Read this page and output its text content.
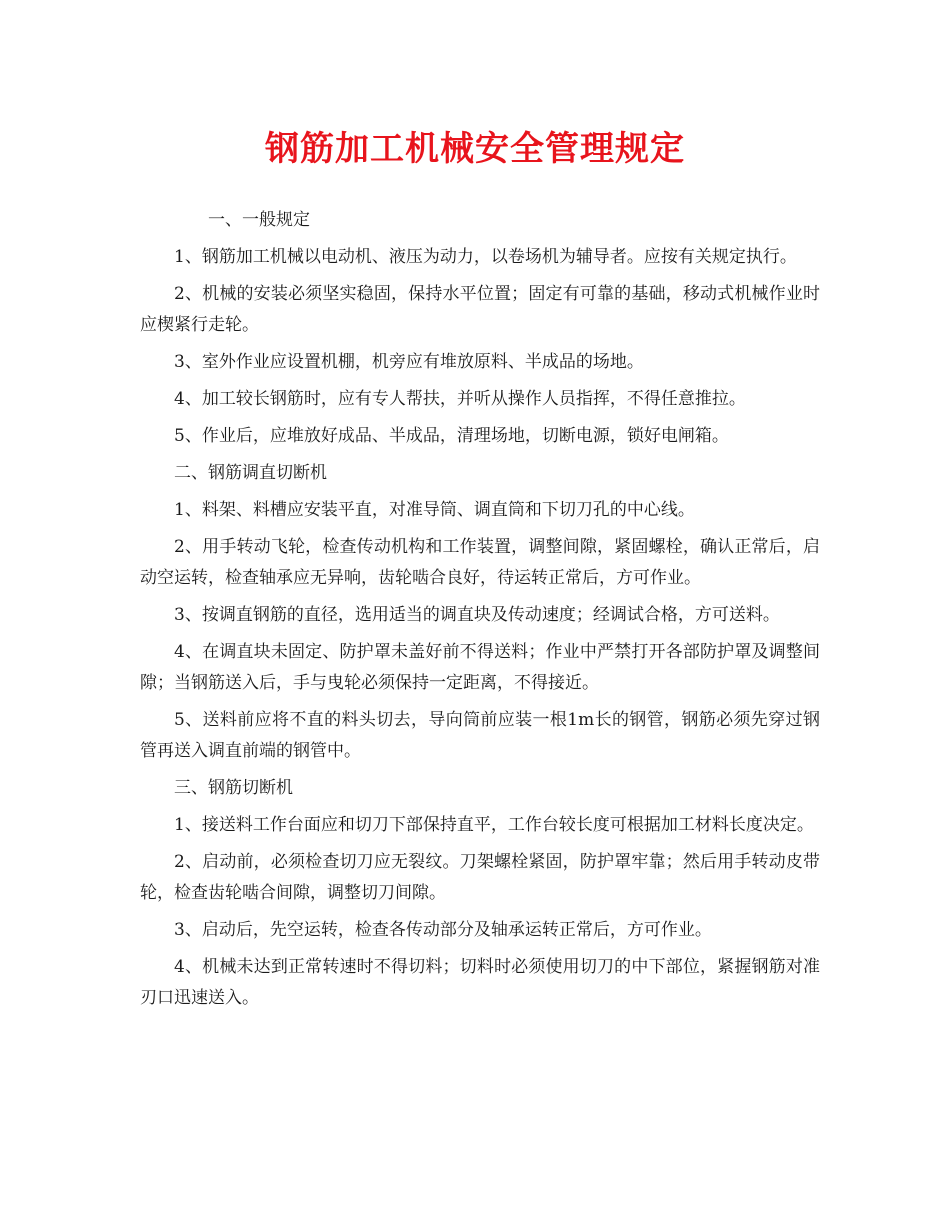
钢筋加工机械安全管理规定

一、一般规定

1、钢筋加工机械以电动机、液压为动力，以卷场机为辅导者。应按有关规定执行。

2、机械的安装必须坚实稳固，保持水平位置；固定有可靠的基础，移动式机械作业时应楔紧行走轮。

3、室外作业应设置机棚，机旁应有堆放原料、半成品的场地。

4、加工较长钢筋时，应有专人帮扶，并听从操作人员指挥，不得任意推拉。

5、作业后，应堆放好成品、半成品，清理场地，切断电源，锁好电闸箱。

二、钢筋调直切断机

1、料架、料槽应安装平直，对准导筒、调直筒和下切刀孔的中心线。

2、用手转动飞轮，检查传动机构和工作装置，调整间隙，紧固螺栓，确认正常后，启动空运转，检查轴承应无异响，齿轮啮合良好，待运转正常后，方可作业。

3、按调直钢筋的直径，选用适当的调直块及传动速度；经调试合格，方可送料。

4、在调直块未固定、防护罩未盖好前不得送料；作业中严禁打开各部防护罩及调整间隙；当钢筋送入后，手与曳轮必须保持一定距离，不得接近。

5、送料前应将不直的料头切去，导向筒前应装一根1m长的钢管，钢筋必须先穿过钢管再送入调直前端的钢管中。

三、钢筋切断机

1、接送料工作台面应和切刀下部保持直平，工作台较长度可根据加工材料长度决定。

2、启动前，必须检查切刀应无裂纹。刀架螺栓紧固，防护罩牢靠；然后用手转动皮带轮，检查齿轮啮合间隙，调整切刀间隙。

3、启动后，先空运转，检查各传动部分及轴承运转正常后，方可作业。

4、机械未达到正常转速时不得切料；切料时必须使用切刀的中下部位，紧握钢筋对准刃口迅速送入。
